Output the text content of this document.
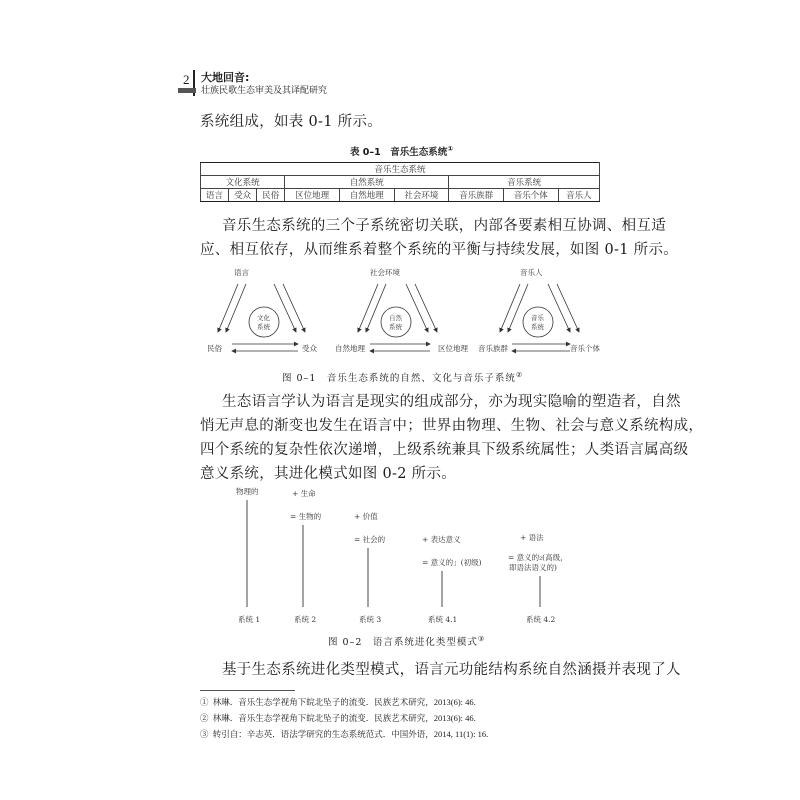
2 大地回音:
壮族民歌生态审美及其译配研究
系统组成，如表 0-1 所示。
表 0–1　音乐生态系统①
音乐生态系统								
文化系统			自然系统			音乐系统		
语言	受众	民俗	区位地理	自然地理	社会环境	音乐族群	音乐个体	音乐人
音乐生态系统的三个子系统密切关联，内部各要素相互协调、相互适
应、相互依存，从而维系着整个系统的平衡与持续发展，如图 0-1 所示。
语言
民俗	受众
文化
系统
社会环境
自然地理	区位地理
自然
系统
音乐人
音乐族群	音乐个体
音乐
系统
图 0–1　音乐生态系统的自然、文化与音乐子系统②
生态语言学认为语言是现实的组成部分，亦为现实隐喻的塑造者，自然
悄无声息的渐变也发生在语言中；世界由物理、生物、社会与意义系统构成，
四个系统的复杂性依次递增，上级系统兼具下级系统属性；人类语言属高级
意义系统，其进化模式如图 0-2 所示。
物理的
系统 1
+ 生命
= 生物的
系统 2
+ 价值
= 社会的
系统 3
+ 表达意义
= 意义的」(初级)
系统 4.1
+ 语法
= 意义的₂(高级，
即语法语义的)
系统 4.2
图 0–2　语言系统进化类型模式③
基于生态系统进化类型模式，语言元功能结构系统自然涵摄并表现了人
① 林琳．音乐生态学视角下皖北坠子的流变．民族艺术研究，2013(6): 46.
② 林琳．音乐生态学视角下皖北坠子的流变．民族艺术研究，2013(6): 46.
③ 转引自：辛志英．语法学研究的生态系统范式．中国外语，2014, 11(1): 16.
